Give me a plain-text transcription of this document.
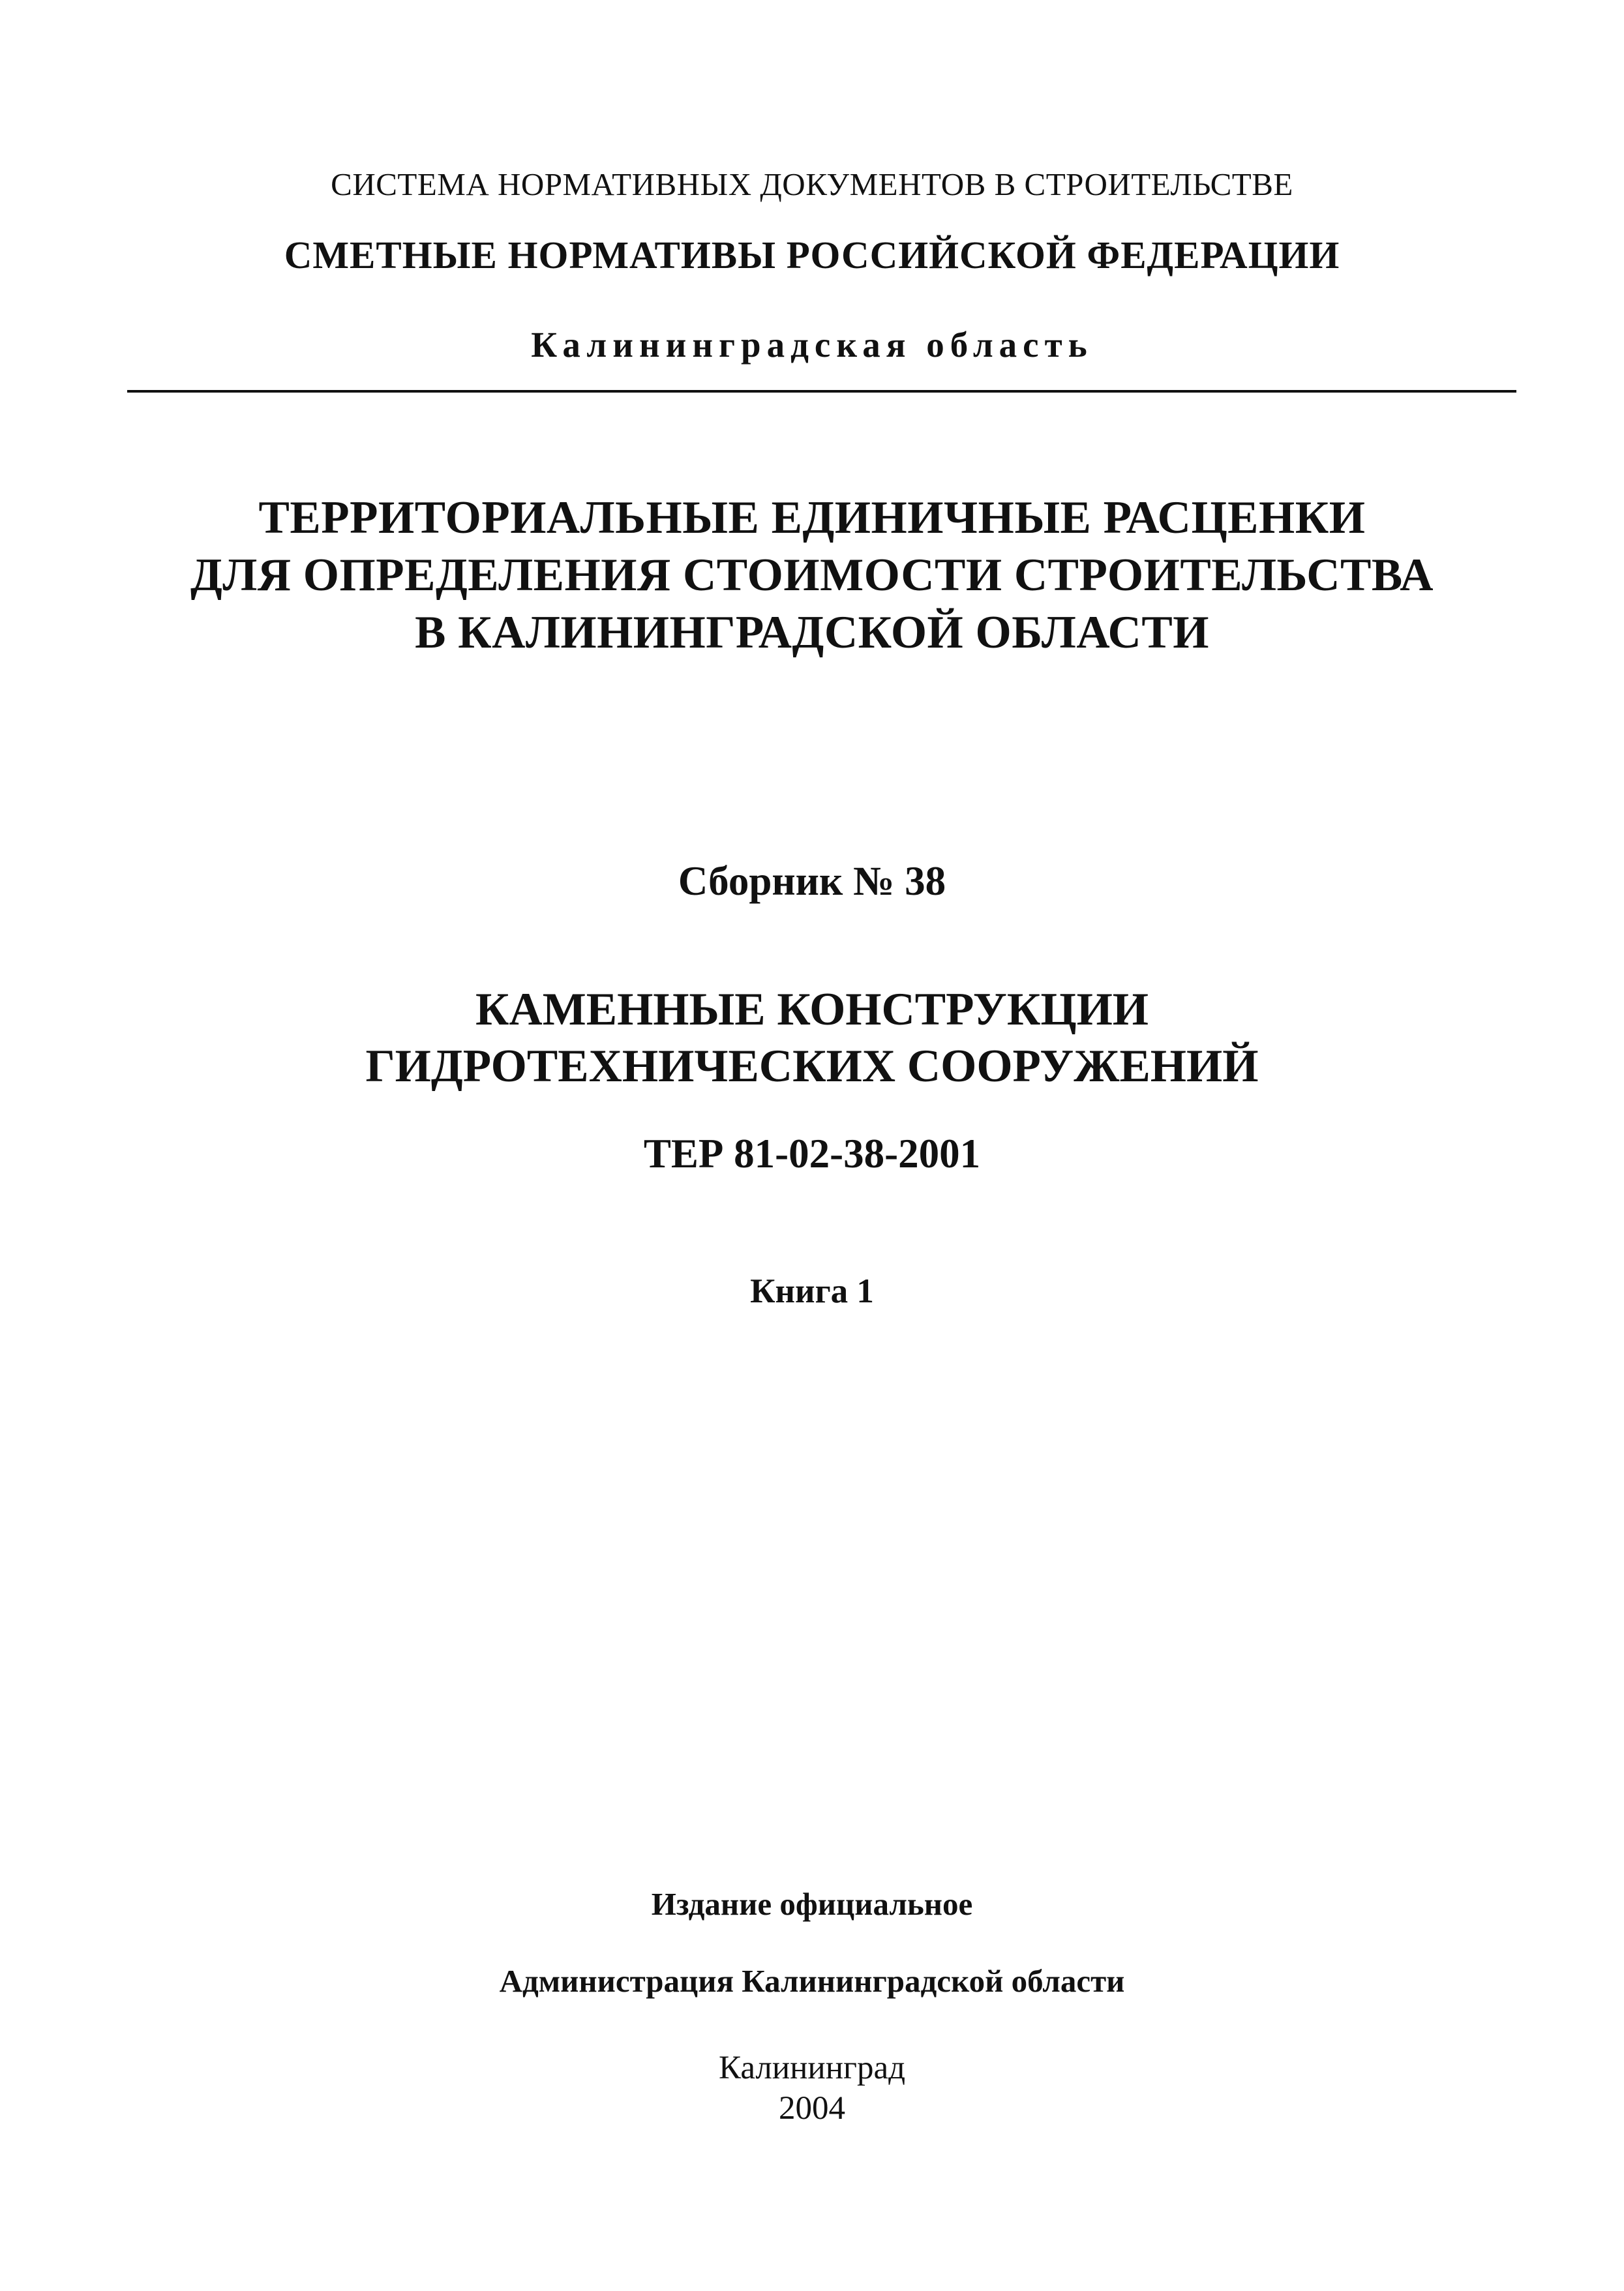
СИСТЕМА НОРМАТИВНЫХ ДОКУМЕНТОВ В СТРОИТЕЛЬСТВЕ
СМЕТНЫЕ НОРМАТИВЫ РОССИЙСКОЙ ФЕДЕРАЦИИ
Калининградская область
ТЕРРИТОРИАЛЬНЫЕ ЕДИНИЧНЫЕ РАСЦЕНКИ
ДЛЯ ОПРЕДЕЛЕНИЯ СТОИМОСТИ СТРОИТЕЛЬСТВА
В КАЛИНИНГРАДСКОЙ ОБЛАСТИ
Сборник № 38
КАМЕННЫЕ КОНСТРУКЦИИ
ГИДРОТЕХНИЧЕСКИХ СООРУЖЕНИЙ
ТЕР 81-02-38-2001
Книга 1
Издание официальное
Администрация Калининградской области
Калининград
2004
